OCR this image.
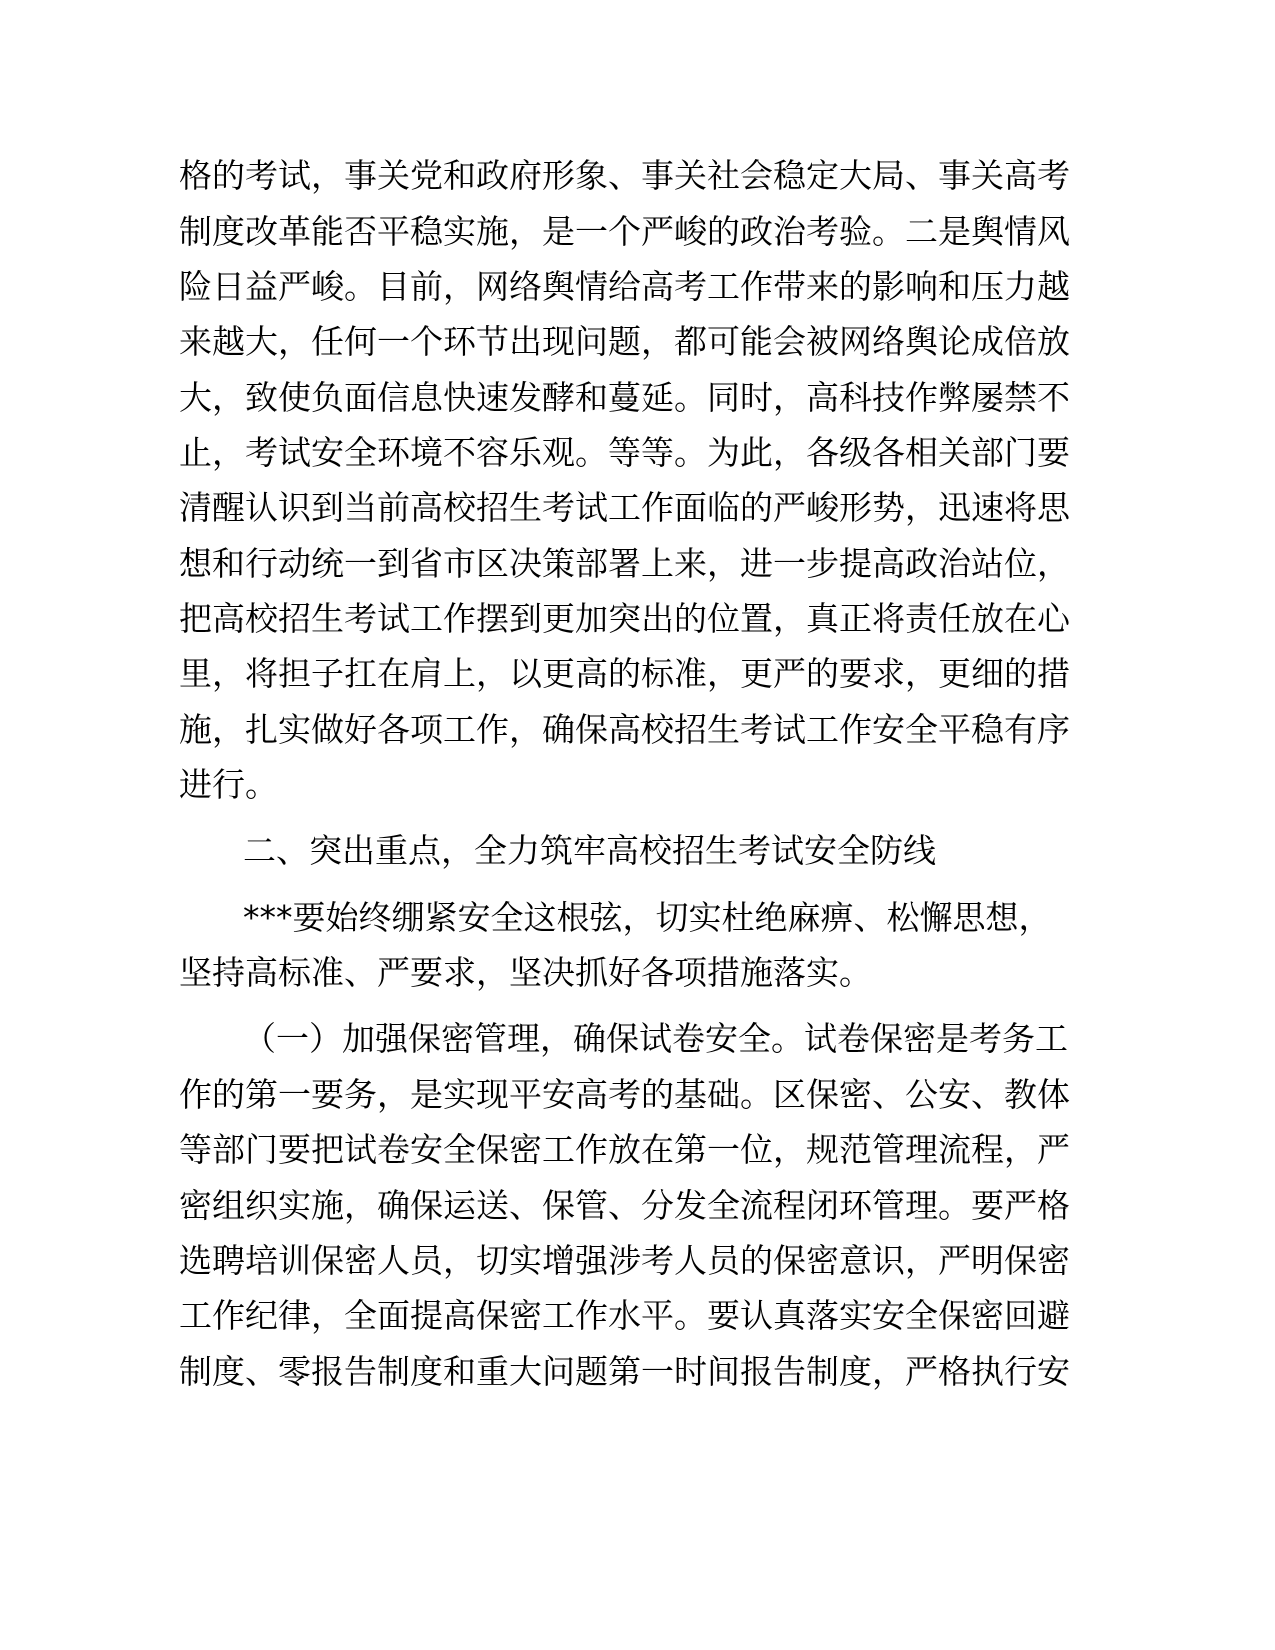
格的考试，事关党和政府形象、事关社会稳定大局、事关高考
制度改革能否平稳实施，是一个严峻的政治考验。二是舆情风
险日益严峻。目前，网络舆情给高考工作带来的影响和压力越
来越大，任何一个环节出现问题，都可能会被网络舆论成倍放
大，致使负面信息快速发酵和蔓延。同时，高科技作弊屡禁不
止，考试安全环境不容乐观。等等。为此，各级各相关部门要
清醒认识到当前高校招生考试工作面临的严峻形势，迅速将思
想和行动统一到省市区决策部署上来，进一步提高政治站位，
把高校招生考试工作摆到更加突出的位置，真正将责任放在心
里，将担子扛在肩上，以更高的标准，更严的要求，更细的措
施，扎实做好各项工作，确保高校招生考试工作安全平稳有序
进行。
二、突出重点，全力筑牢高校招生考试安全防线
***要始终绷紧安全这根弦，切实杜绝麻痹、松懈思想，
坚持高标准、严要求，坚决抓好各项措施落实。
（一）加强保密管理，确保试卷安全。试卷保密是考务工
作的第一要务，是实现平安高考的基础。区保密、公安、教体
等部门要把试卷安全保密工作放在第一位，规范管理流程，严
密组织实施，确保运送、保管、分发全流程闭环管理。要严格
选聘培训保密人员，切实增强涉考人员的保密意识，严明保密
工作纪律，全面提高保密工作水平。要认真落实安全保密回避
制度、零报告制度和重大问题第一时间报告制度，严格执行安
